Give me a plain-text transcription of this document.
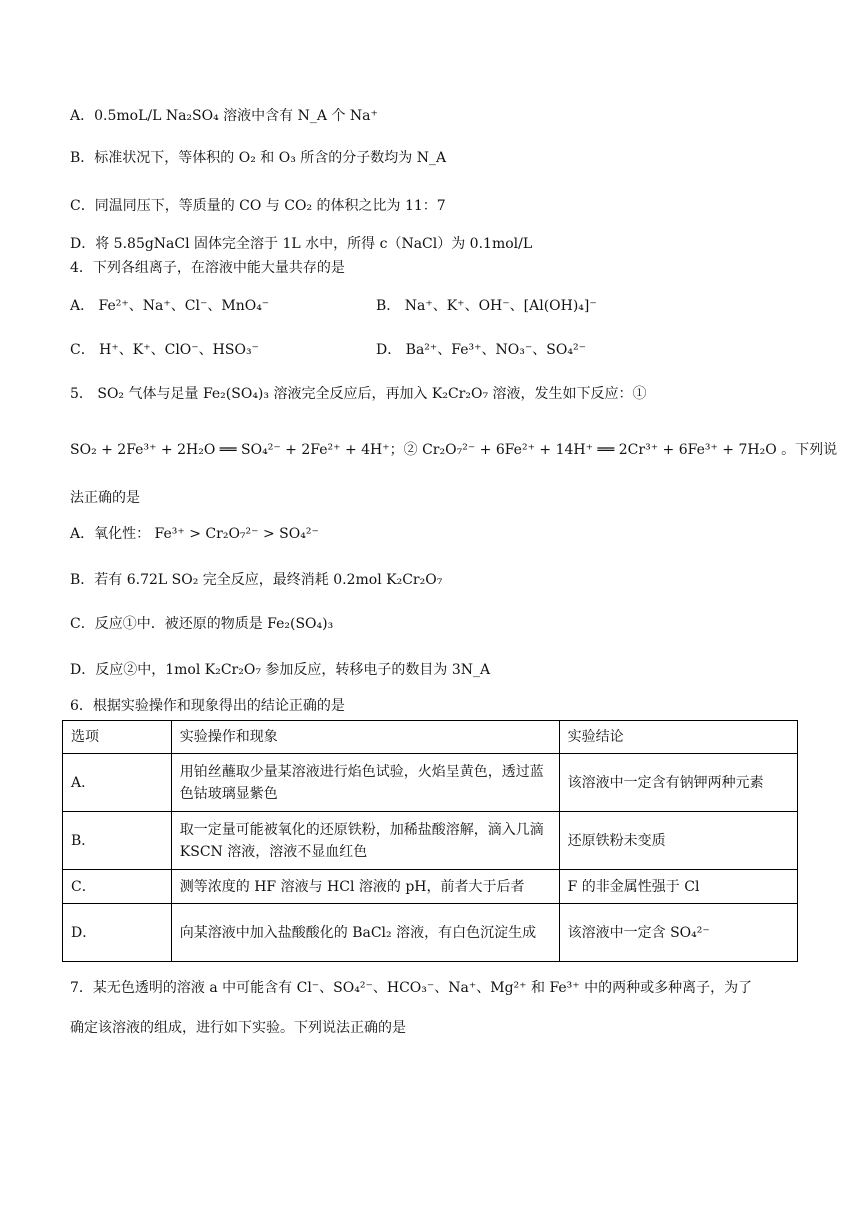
A．0.5moL/L Na₂SO₄ 溶液中含有 N_A 个 Na⁺
B．标准状况下，等体积的 O₂ 和 O₃ 所含的分子数均为 N_A
C．同温同压下，等质量的 CO 与 CO₂ 的体积之比为 11：7
D．将 5.85gNaCl 固体完全溶于 1L 水中，所得 c（NaCl）为 0.1mol/L
4．下列各组离子，在溶液中能大量共存的是
A． Fe²⁺、Na⁺、Cl⁻、MnO₄⁻	B． Na⁺、K⁺、OH⁻、[Al(OH)₄]⁻
C． H⁺、K⁺、ClO⁻、HSO₃⁻	D． Ba²⁺、Fe³⁺、NO₃⁻、SO₄²⁻
5． SO₂ 气体与足量 Fe₂(SO₄)₃ 溶液完全反应后，再加入 K₂Cr₂O₇ 溶液，发生如下反应：①
SO₂ + 2Fe³⁺ + 2H₂O ══ SO₄²⁻ + 2Fe²⁺ + 4H⁺；② Cr₂O₇²⁻ + 6Fe²⁺ + 14H⁺ ══ 2Cr³⁺ + 6Fe³⁺ + 7H₂O 。下列说
法正确的是
A．氧化性： Fe³⁺ > Cr₂O₇²⁻ > SO₄²⁻
B．若有 6.72L SO₂ 完全反应，最终消耗 0.2mol K₂Cr₂O₇
C．反应①中．被还原的物质是 Fe₂(SO₄)₃
D．反应②中，1mol K₂Cr₂O₇ 参加反应，转移电子的数目为 3N_A
6．根据实验操作和现象得出的结论正确的是
选项	实验操作和现象	实验结论
A．	用铂丝蘸取少量某溶液进行焰色试验，火焰呈黄色，透过蓝色钴玻璃显紫色	该溶液中一定含有钠钾两种元素
B．	取一定量可能被氧化的还原铁粉，加稀盐酸溶解，滴入几滴 KSCN 溶液，溶液不显血红色	还原铁粉未变质
C．	测等浓度的 HF 溶液与 HCl 溶液的 pH，前者大于后者	F 的非金属性强于 Cl
D．	向某溶液中加入盐酸酸化的 BaCl₂ 溶液，有白色沉淀生成	该溶液中一定含 SO₄²⁻
7．某无色透明的溶液 a 中可能含有 Cl⁻、SO₄²⁻、HCO₃⁻、Na⁺、Mg²⁺ 和 Fe³⁺ 中的两种或多种离子，为了
确定该溶液的组成，进行如下实验。下列说法正确的是
